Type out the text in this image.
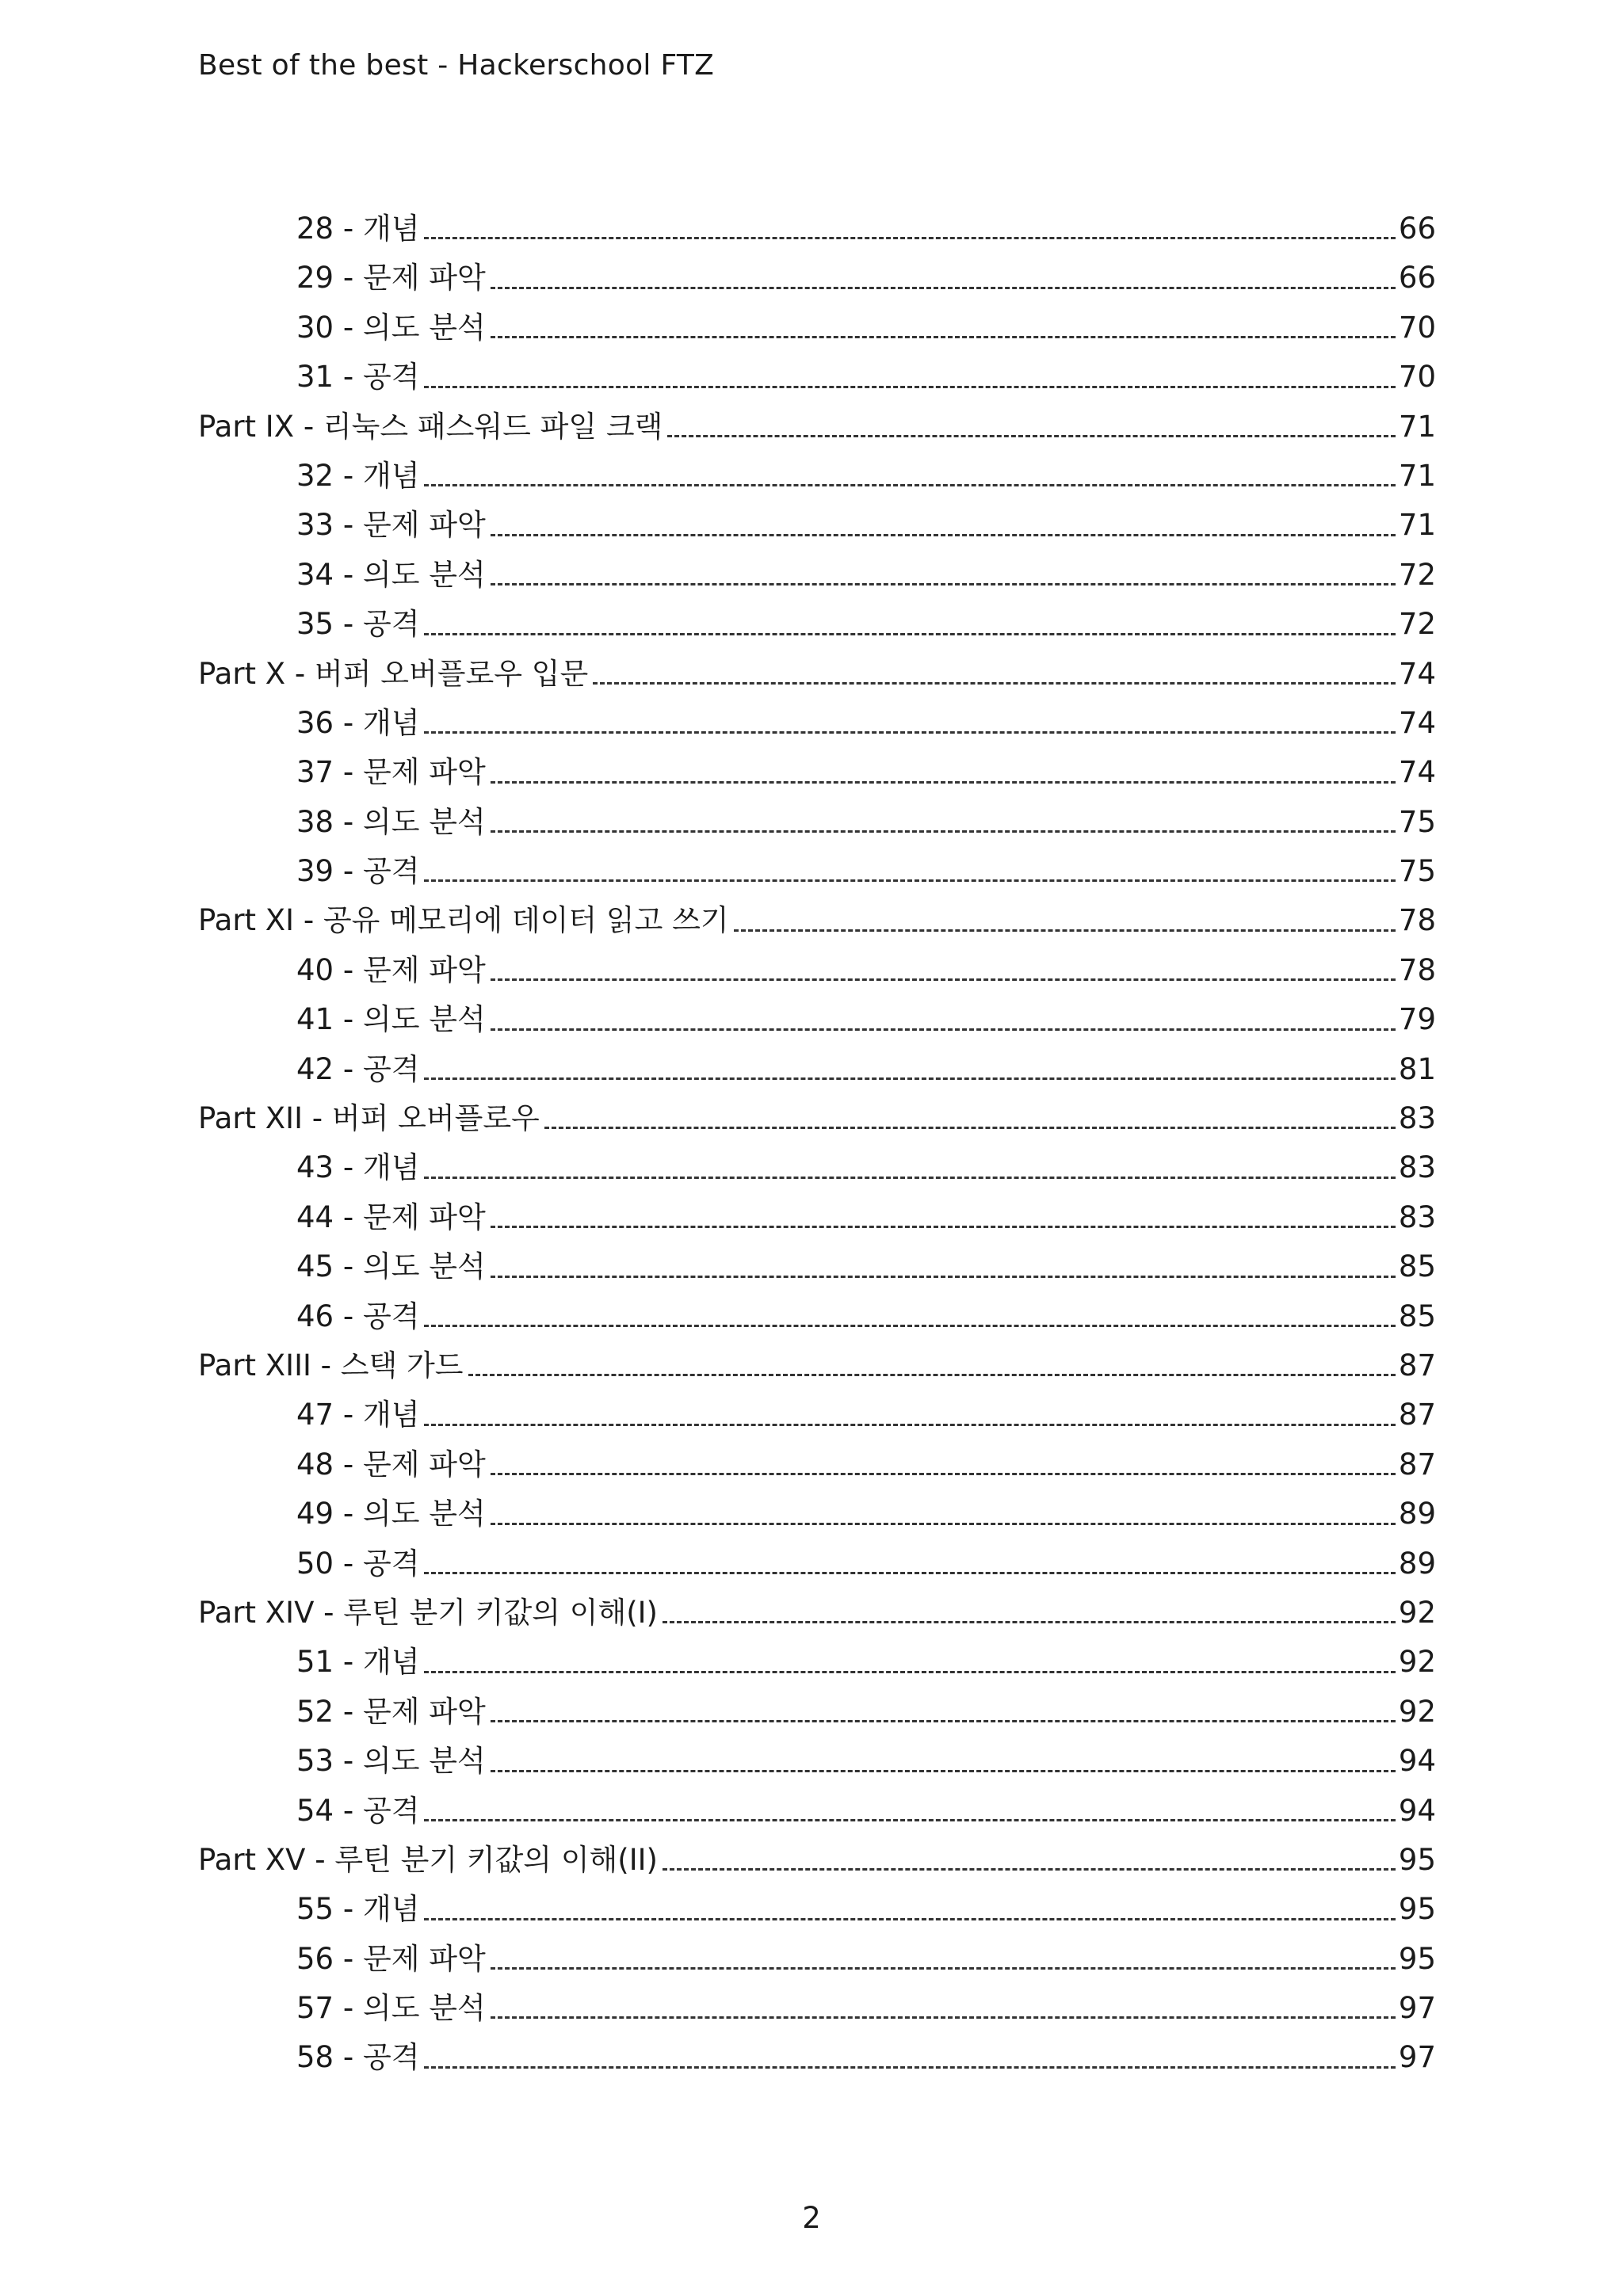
Best of the best - Hackerschool FTZ
28 - 개념	66
29 - 문제 파악	66
30 - 의도 분석	70
31 - 공격	70
Part IX - 리눅스 패스워드 파일 크랙	71
32 - 개념	71
33 - 문제 파악	71
34 - 의도 분석	72
35 - 공격	72
Part X - 버퍼 오버플로우 입문	74
36 - 개념	74
37 - 문제 파악	74
38 - 의도 분석	75
39 - 공격	75
Part XI - 공유 메모리에 데이터 읽고 쓰기	78
40 - 문제 파악	78
41 - 의도 분석	79
42 - 공격	81
Part XII - 버퍼 오버플로우	83
43 - 개념	83
44 - 문제 파악	83
45 - 의도 분석	85
46 - 공격	85
Part XIII - 스택 가드	87
47 - 개념	87
48 - 문제 파악	87
49 - 의도 분석	89
50 - 공격	89
Part XIV - 루틴 분기 키값의 이해(I)	92
51 - 개념	92
52 - 문제 파악	92
53 - 의도 분석	94
54 - 공격	94
Part XV - 루틴 분기 키값의 이해(II)	95
55 - 개념	95
56 - 문제 파악	95
57 - 의도 분석	97
58 - 공격	97
2
